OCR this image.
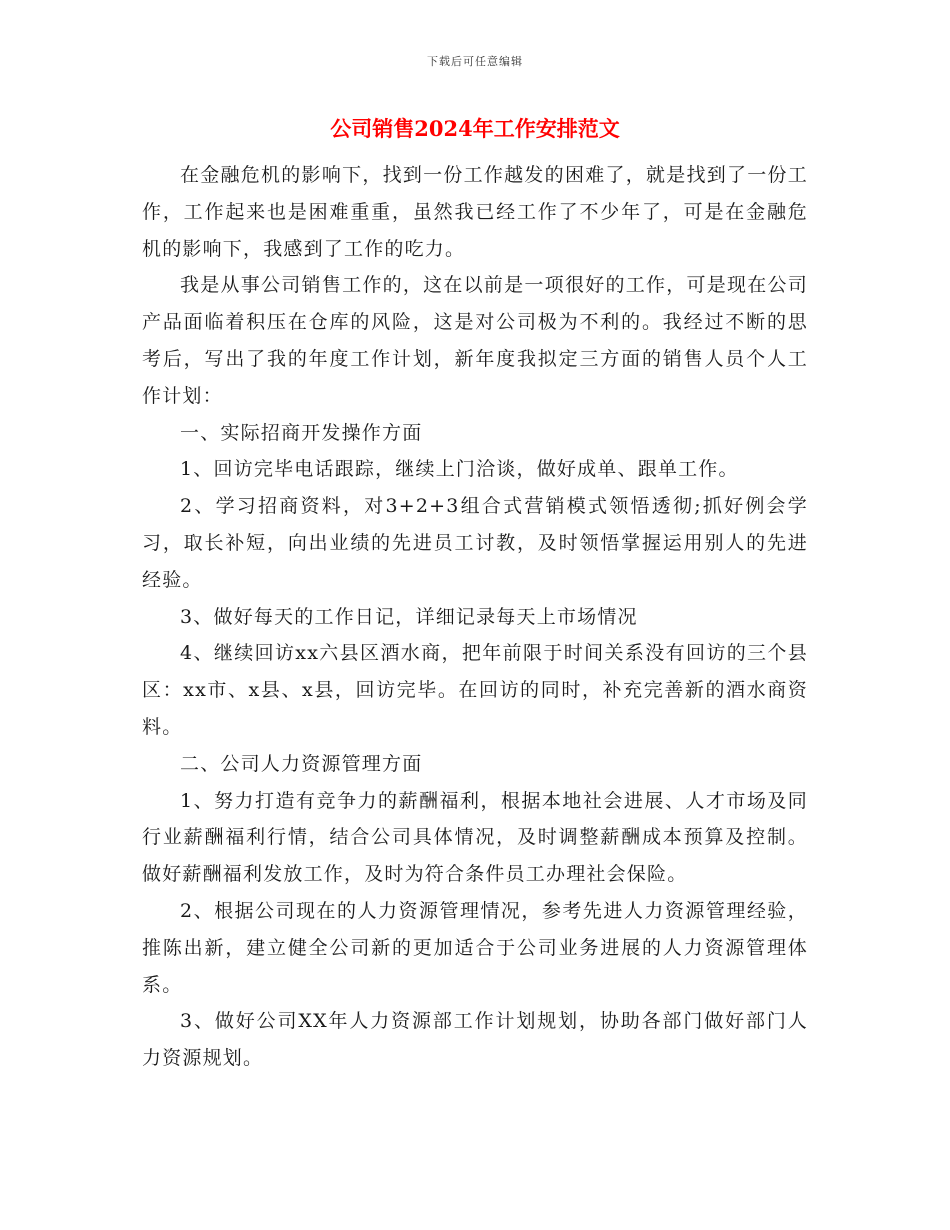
下载后可任意编辑
公司销售2024年工作安排范文

在金融危机的影响下，找到一份工作越发的困难了，就是找到了一份工作，工作起来也是困难重重，虽然我已经工作了不少年了，可是在金融危机的影响下，我感到了工作的吃力。

我是从事公司销售工作的，这在以前是一项很好的工作，可是现在公司产品面临着积压在仓库的风险，这是对公司极为不利的。我经过不断的思考后，写出了我的年度工作计划，新年度我拟定三方面的销售人员个人工作计划：

一、实际招商开发操作方面

1、回访完毕电话跟踪，继续上门洽谈，做好成单、跟单工作。

2、学习招商资料，对3+2+3组合式营销模式领悟透彻;抓好例会学习，取长补短，向出业绩的先进员工讨教，及时领悟掌握运用别人的先进经验。

3、做好每天的工作日记，详细记录每天上市场情况

4、继续回访xx六县区酒水商，把年前限于时间关系没有回访的三个县区：xx市、x县、x县，回访完毕。在回访的同时，补充完善新的酒水商资料。

二、公司人力资源管理方面

1、努力打造有竞争力的薪酬福利，根据本地社会进展、人才市场及同行业薪酬福利行情，结合公司具体情况，及时调整薪酬成本预算及控制。做好薪酬福利发放工作，及时为符合条件员工办理社会保险。

2、根据公司现在的人力资源管理情况，参考先进人力资源管理经验，推陈出新，建立健全公司新的更加适合于公司业务进展的人力资源管理体系。

3、做好公司XX年人力资源部工作计划规划，协助各部门做好部门人力资源规划。
